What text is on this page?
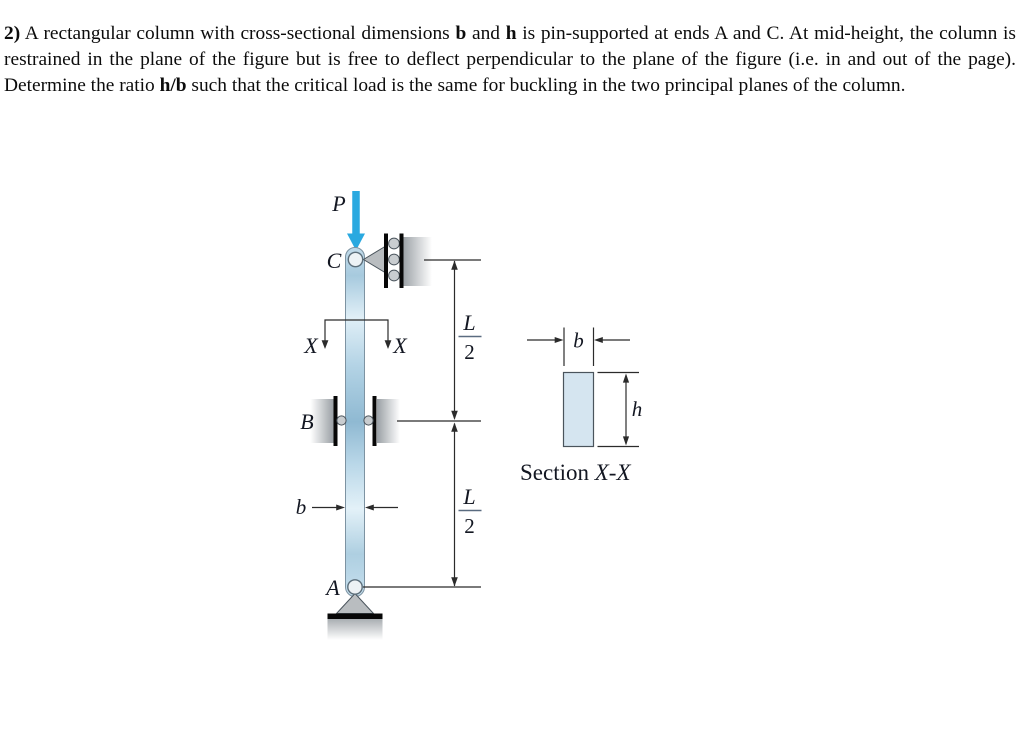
2) A rectangular column with cross-sectional dimensions b and h is pin-supported at ends A and C. At mid-height, the column is restrained in the plane of the figure but is free to deflect perpendicular to the plane of the figure (i.e. in and out of the page). Determine the ratio h/b such that the critical load is the same for buckling in the two principal planes of the column.
P
C
X	X
B
b
A
L
2
L
2
b
h
Section X-X
